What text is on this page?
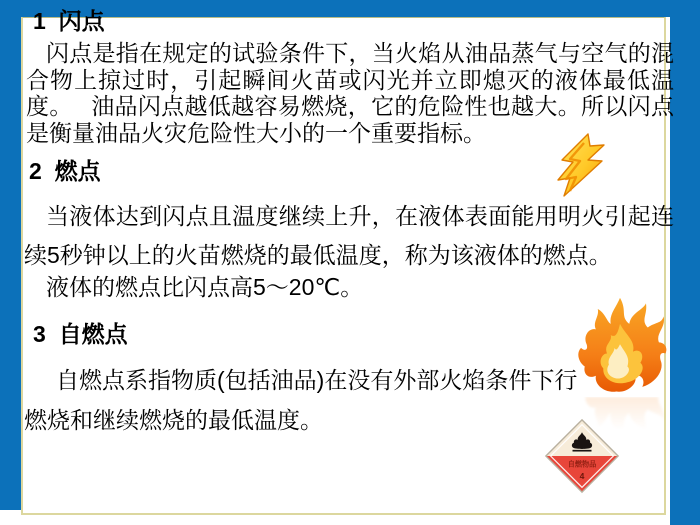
1  闪点

闪点是指在规定的试验条件下，当火焰从油品蒸气与空气的混合物上掠过时，引起瞬间火苗或闪光并立即熄灭的液体最低温度。　 油品闪点越低越容易燃烧，它的危险性也越大。所以闪点是衡量油品火灾危险性大小的一个重要指标。

2  燃点

当液体达到闪点且温度继续上升，在液体表面能用明火引起连续5秒钟以上的火苗燃烧的最低温度，称为该液体的燃点。

液体的燃点比闪点高5～20℃。

3  自燃点

自燃点系指物质(包括油品)在没有外部火焰条件下行燃烧和继续燃烧的最低温度。

自燃物品
4
